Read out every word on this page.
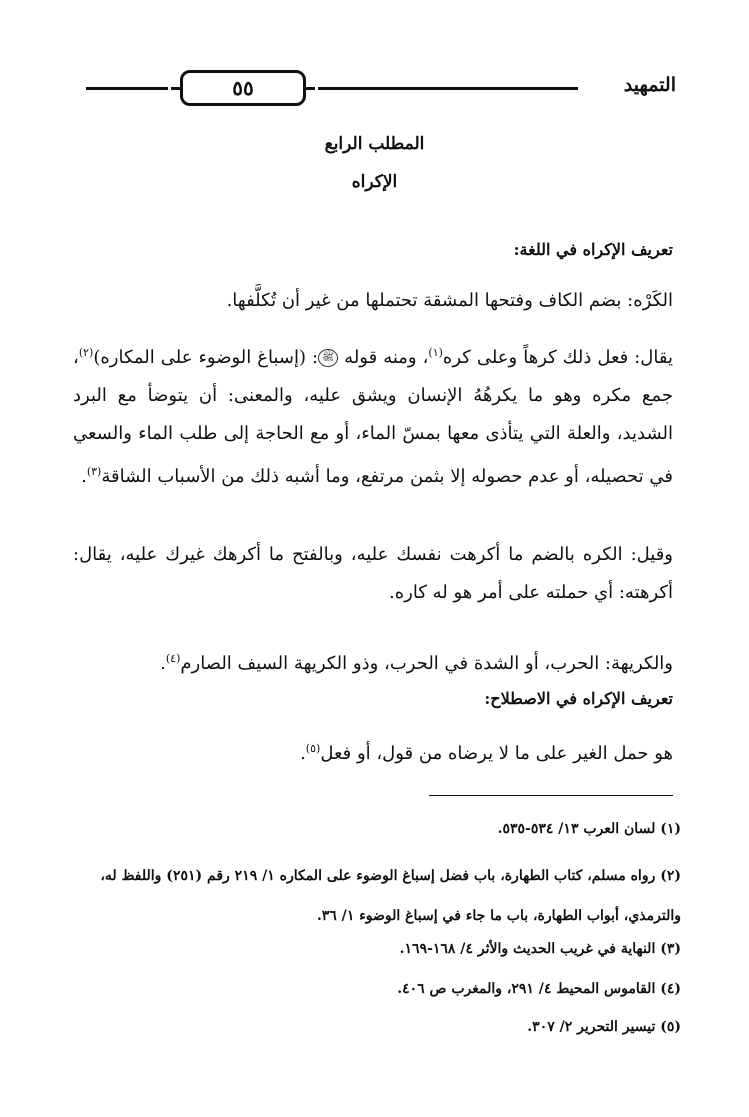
التمهيد
٥٥
المطلب الرابع
الإكراه
تعريف الإكراه في اللغة:

الكَرْه: بضم الكاف وفتحها المشقة تحتملها من غير أن تُكلَّفها.

يقال: فعل ذلك كرهاً وعلى كره$^{(١)}$، ومنه قوله ﷺ: (إسباغ الوضوء على المكاره)$^{(٢)}$، جمع مكره وهو ما يكرهُهُ الإنسان ويشق عليه، والمعنى: أن يتوضأ مع البرد الشديد، والعلة التي يتأذى معها بمسّ الماء، أو مع الحاجة إلى طلب الماء والسعي في تحصيله، أو عدم حصوله إلا بثمن مرتفع، وما أشبه ذلك من الأسباب الشاقة$^{(٣)}$.

وقيل: الكره بالضم ما أكرهت نفسك عليه، وبالفتح ما أكرهك غيرك عليه، يقال: أكرهته: أي حملته على أمر هو له كاره.

والكريهة: الحرب، أو الشدة في الحرب، وذو الكريهة السيف الصارم$^{(٤)}$.

تعريف الإكراه في الاصطلاح:

هو حمل الغير على ما لا يرضاه من قول، أو فعل$^{(٥)}$.

(١) لسان العرب ١٣/ ٥٣٤-٥٣٥.

(٢) رواه مسلم، كتاب الطهارة، باب فضل إسباغ الوضوء على المكاره ١/ ٢١٩ رقم (٢٥١) واللفظ له، والترمذي، أبواب الطهارة، باب ما جاء في إسباغ الوضوء ١/ ٣٦.

(٣) النهاية في غريب الحديث والأثر ٤/ ١٦٨-١٦٩.

(٤) القاموس المحيط ٤/ ٢٩١، والمغرب ص ٤٠٦.

(٥) تيسير التحرير ٢/ ٣٠٧.
